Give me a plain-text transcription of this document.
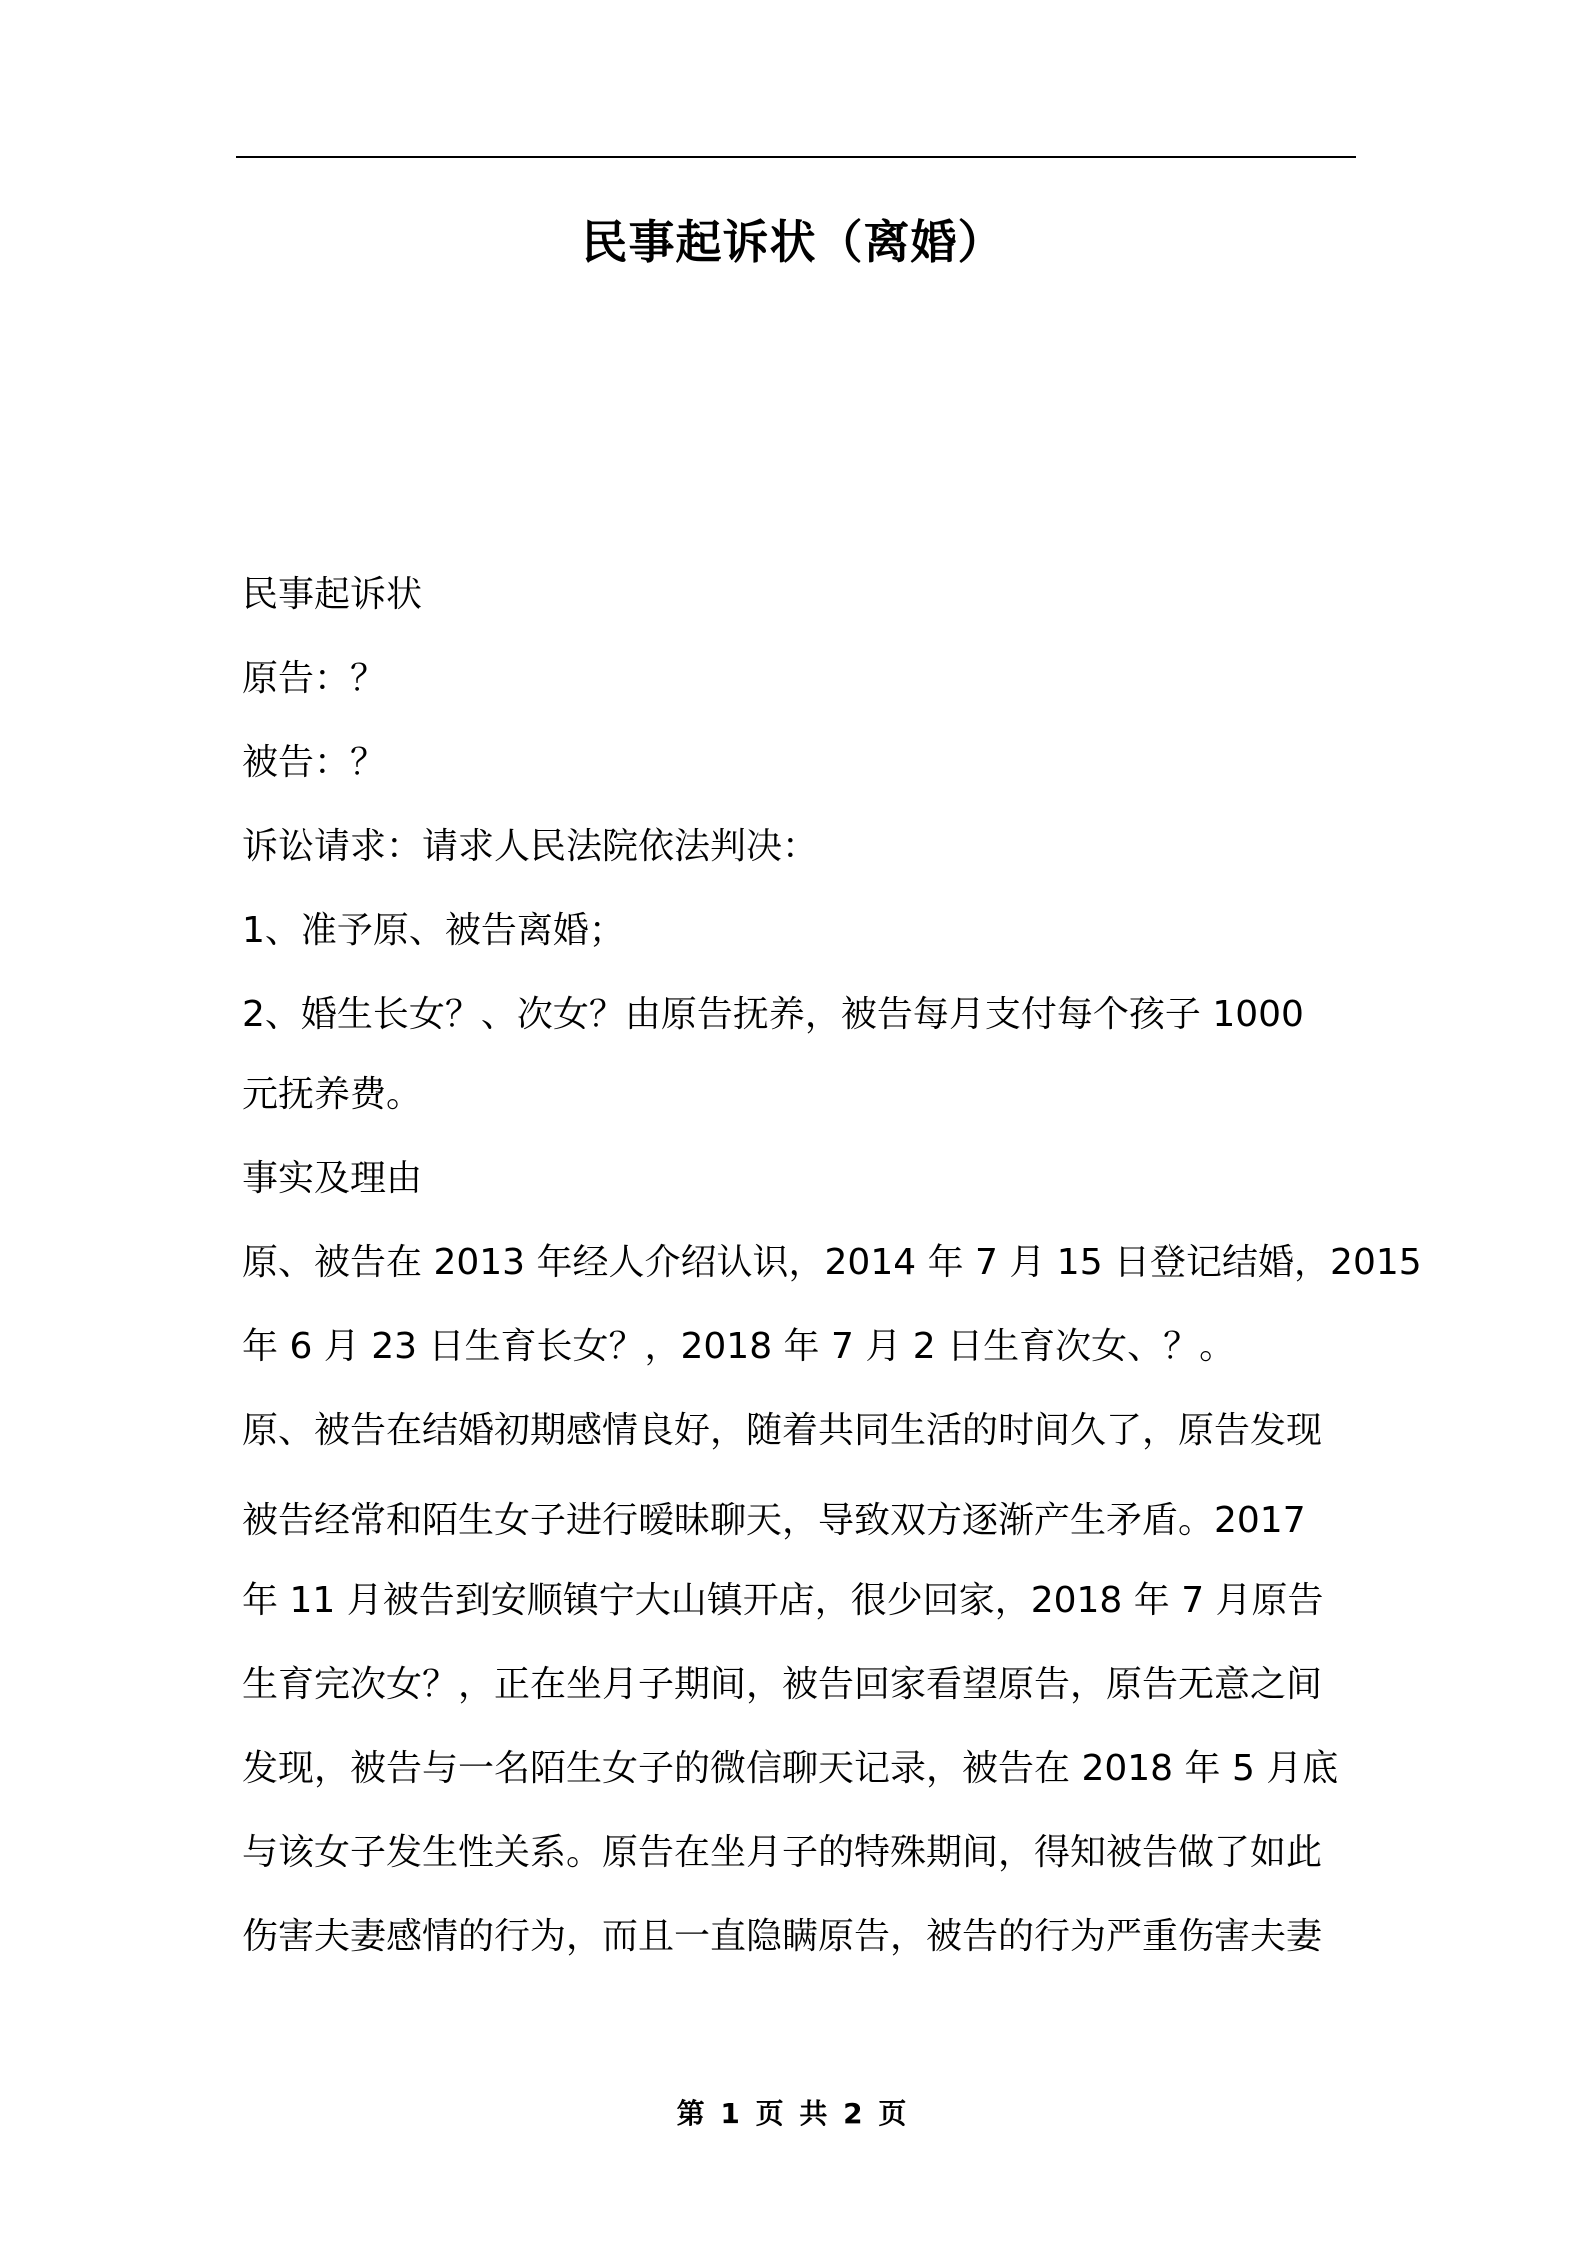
民事起诉状（离婚）
民事起诉状
原告：？
被告：？
诉讼请求：请求人民法院依法判决：
1、准予原、被告离婚；
2、婚生长女？、次女？由原告抚养，被告每月支付每个孩子 1000
元抚养费。
事实及理由
原、被告在 2013 年经人介绍认识，2014 年 7 月 15 日登记结婚，2015
年 6 月 23 日生育长女？，2018 年 7 月 2 日生育次女、？。
原、被告在结婚初期感情良好，随着共同生活的时间久了，原告发现
被告经常和陌生女子进行暧昧聊天，导致双方逐渐产生矛盾。2017
年 11 月被告到安顺镇宁大山镇开店，很少回家，2018 年 7 月原告
生育完次女？，正在坐月子期间，被告回家看望原告，原告无意之间
发现，被告与一名陌生女子的微信聊天记录，被告在 2018 年 5 月底
与该女子发生性关系。原告在坐月子的特殊期间，得知被告做了如此
伤害夫妻感情的行为，而且一直隐瞒原告，被告的行为严重伤害夫妻
第 1 页 共 2 页
